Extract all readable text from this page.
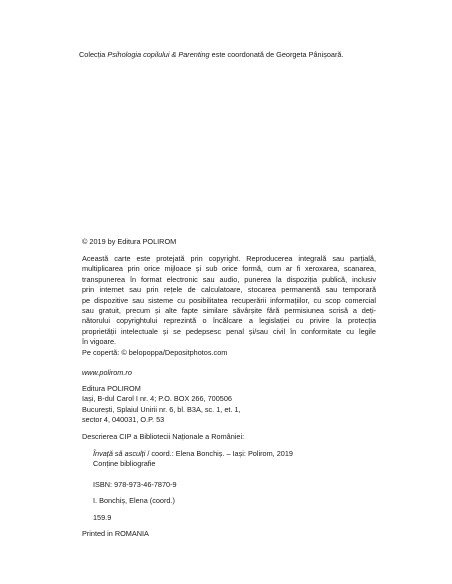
Colecția Psihologia copilului & Parenting este coordonată de Georgeta Pânișoară.
© 2019 by Editura POLIROM
Această carte este protejată prin copyright. Reproducerea integrală sau parțială,
multiplicarea prin orice mijloace și sub orice formă, cum ar fi xeroxarea, scanarea,
transpunerea în format electronic sau audio, punerea la dispoziția publică, inclusiv
prin internet sau prin rețele de calculatoare, stocarea permanentă sau temporară
pe dispozitive sau sisteme cu posibilitatea recuperării informațiilor, cu scop comercial
sau gratuit, precum și alte fapte similare săvârșite fără permisiunea scrisă a deți-
nătorului copyrightului reprezintă o încălcare a legislației cu privire la protecția
proprietății intelectuale și se pedepsesc penal și/sau civil în conformitate cu legile
în vigoare.
Pe copertă: © belopoppa/Depositphotos.com
www.polirom.ro
Editura POLIROM
Iași, B-dul Carol I nr. 4; P.O. BOX 266, 700506
București, Splaiul Unirii nr. 6, bl. B3A, sc. 1, et. 1,
sector 4, 040031, O.P. 53
Descrierea CIP a Bibliotecii Naționale a României:
Învață să asculți / coord.: Elena Bonchiș. – Iași: Polirom, 2019
Conține bibliografie
ISBN: 978-973-46-7870-9
I. Bonchiș, Elena (coord.)
159.9
Printed in ROMANIA
